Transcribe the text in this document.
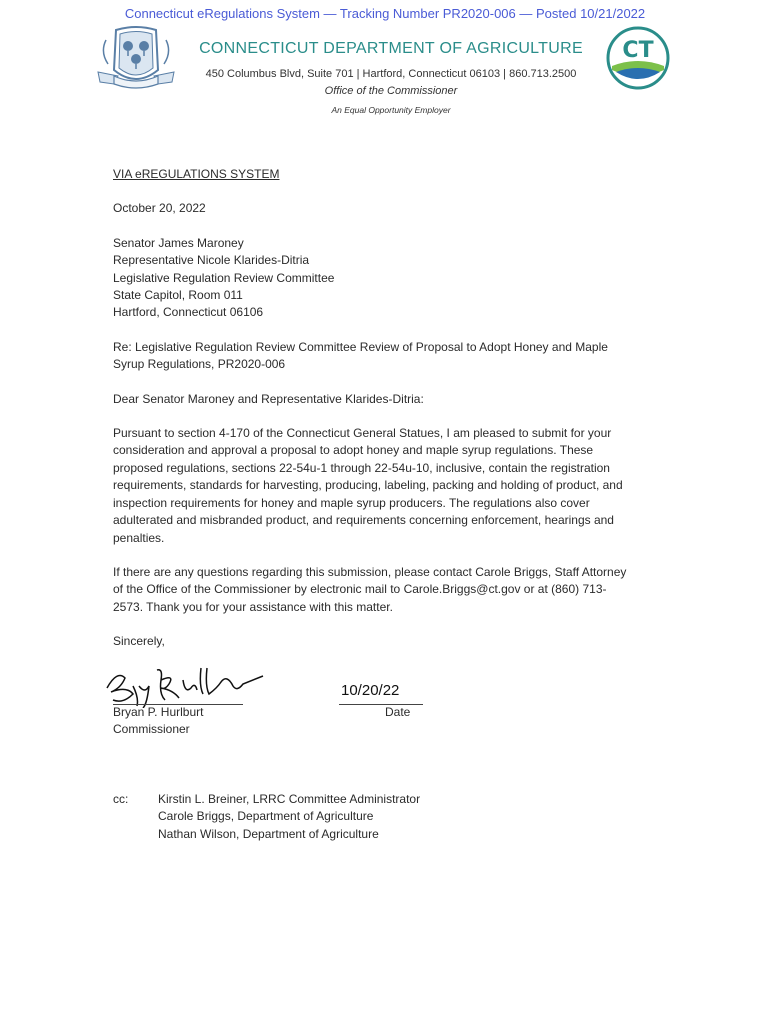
Connecticut eRegulations System — Tracking Number PR2020-006 — Posted 10/21/2022
CT
CONNECTICUT DEPARTMENT OF AGRICULTURE
450 Columbus Blvd, Suite 701 | Hartford, Connecticut 06103 | 860.713.2500
Office of the Commissioner
An Equal Opportunity Employer

VIA eREGULATIONS SYSTEM

October 20, 2022

Senator James Maroney
Representative Nicole Klarides-Ditria
Legislative Regulation Review Committee
State Capitol, Room 011
Hartford, Connecticut 06106

Re: Legislative Regulation Review Committee Review of Proposal to Adopt Honey and Maple
Syrup Regulations, PR2020-006

Dear Senator Maroney and Representative Klarides-Ditria:

Pursuant to section 4-170 of the Connecticut General Statues, I am pleased to submit for your
consideration and approval a proposal to adopt honey and maple syrup regulations. These
proposed regulations, sections 22-54u-1 through 22-54u-10, inclusive, contain the registration
requirements, standards for harvesting, producing, labeling, packing and holding of product, and
inspection requirements for honey and maple syrup producers. The regulations also cover
adulterated and misbranded product, and requirements concerning enforcement, hearings and
penalties.

If there are any questions regarding this submission, please contact Carole Briggs, Staff Attorney
of the Office of the Commissioner by electronic mail to Carole.Briggs@ct.gov or at (860) 713-
2573. Thank you for your assistance with this matter.

Sincerely,

10/20/22
Bryan P. Hurlburt
Commissioner
Date
cc: Kirstin L. Breiner, LRRC Committee Administrator
Carole Briggs, Department of Agriculture
Nathan Wilson, Department of Agriculture
